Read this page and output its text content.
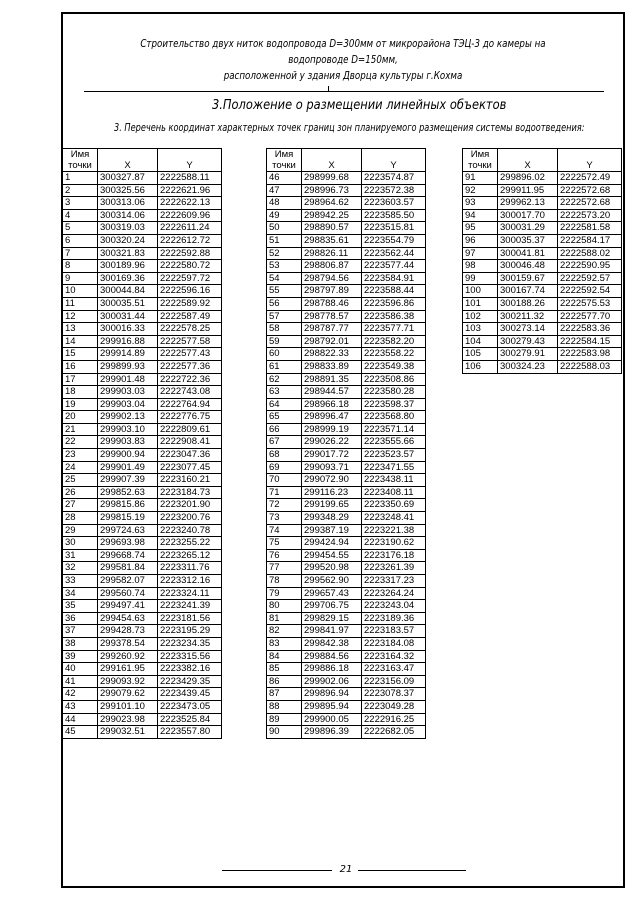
Строительство двух ниток водопровода D=300мм от микрорайона ТЭЦ-3 до камеры на водопроводе D=150мм,
расположенной у здания Дворца культуры г.Кохма
3.Положение о размещении линейных объектов
3. Перечень координат характерных точек границ зон планируемого размещения системы водоотведения:
Имя
точки	X	Y
1	300327.87	2222588.11
2	300325.56	2222621.96
3	300313.06	2222622.13
4	300314.06	2222609.96
5	300319.03	2222611.24
6	300320.24	2222612.72
7	300321.83	2222592.88
8	300189.96	2222580.72
9	300169.36	2222597.72
10	300044.84	2222596.16
11	300035.51	2222589.92
12	300031.44	2222587.49
13	300016.33	2222578.25
14	299916.88	2222577.58
15	299914.89	2222577.43
16	299899.93	2222577.36
17	299901.48	2222722.36
18	299903.03	2222743.08
19	299903.04	2222764.94
20	299902.13	2222776.75
21	299903.10	2222809.61
22	299903.83	2222908.41
23	299900.94	2223047.36
24	299901.49	2223077.45
25	299907.39	2223160.21
26	299852.63	2223184.73
27	299815.86	2223201.90
28	299815.19	2223200.76
29	299724.63	2223240.78
30	299693.98	2223255.22
31	299668.74	2223265.12
32	299581.84	2223311.76
33	299582.07	2223312.16
34	299560.74	2223324.11
35	299497.41	2223241.39
36	299454.63	2223181.56
37	299428.73	2223195.29
38	299378.54	2223234.35
39	299260.92	2223315.56
40	299161.95	2223382.16
41	299093.92	2223429.35
42	299079.62	2223439.45
43	299101.10	2223473.05
44	299023.98	2223525.84
45	299032.51	2223557.80
Имя
точки	X	Y
46	298999.68	2223574.87
47	298996.73	2223572.38
48	298964.62	2223603.57
49	298942.25	2223585.50
50	298890.57	2223515.81
51	298835.61	2223554.79
52	298826.11	2223562.44
53	298806.87	2223577.44
54	298794.56	2223584.91
55	298797.89	2223588.44
56	298788.46	2223596.86
57	298778.57	2223586.38
58	298787.77	2223577.71
59	298792.01	2223582.20
60	298822.33	2223558.22
61	298833.89	2223549.38
62	298891.35	2223508.86
63	298944.57	2223580.28
64	298966.18	2223598.37
65	298996.47	2223568.80
66	298999.19	2223571.14
67	299026.22	2223555.66
68	299017.72	2223523.57
69	299093.71	2223471.55
70	299072.90	2223438.11
71	299116.23	2223408.11
72	299199.65	2223350.69
73	299348.29	2223248.41
74	299387.19	2223221.38
75	299424.94	2223190.62
76	299454.55	2223176.18
77	299520.98	2223261.39
78	299562.90	2223317.23
79	299657.43	2223264.24
80	299706.75	2223243.04
81	299829.15	2223189.36
82	299841.97	2223183.57
83	299842.38	2223184.08
84	299884.56	2223164.32
85	299886.18	2223163.47
86	299902.06	2223156.09
87	299896.94	2223078.37
88	299895.94	2223049.28
89	299900.05	2222916.25
90	299896.39	2222682.05
Имя
точки	X	Y
91	299896.02	2222572.49
92	299911.95	2222572.68
93	299962.13	2222572.68
94	300017.70	2222573.20
95	300031.29	2222581.58
96	300035.37	2222584.17
97	300041.81	2222588.02
98	300046.48	2222590.95
99	300159.67	2222592.57
100	300167.74	2222592.54
101	300188.26	2222575.53
102	300211.32	2222577.70
103	300273.14	2222583.36
104	300279.43	2222584.15
105	300279.91	2222583.98
106	300324.23	2222588.03
21
